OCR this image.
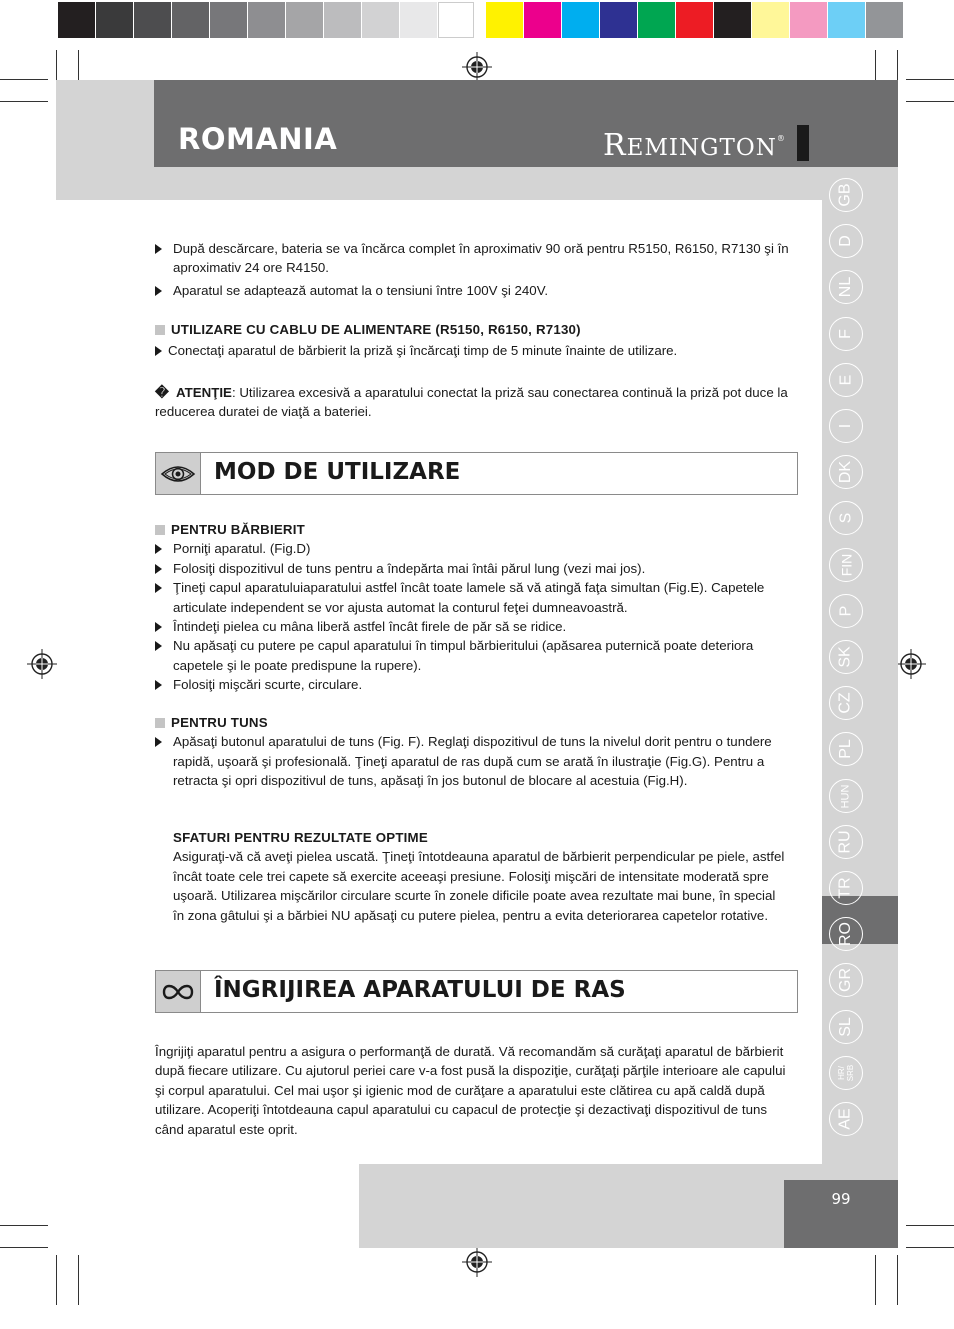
ROMANIA	REMINGTON®
GB
D
NL
F
E
I
DK
S
FIN
P
SK
CZ
PL
HUN
RU
TR
RO
GR
SL
HR/ SRB
AE
99
După descărcare, bateria se va încărca complet în aproximativ 90 oră pentru R5150, R6150, R7130 şi în aproximativ 24 ore R4150.
Aparatul se adaptează automat la o tensiuni între 100V şi 240V.
UTILIZARE CU CABLU DE ALIMENTARE (R5150, R6150, R7130)
Conectaţi aparatul de bărbierit la priză şi încărcaţi timp de 5 minute înainte de utilizare.
� ATENŢIE: Utilizarea excesivă a aparatului conectat la priză sau conectarea continuă la priză pot duce la reducerea duratei de viaţă a bateriei.
MOD DE UTILIZARE
PENTRU BĂRBIERIT
Porniţi aparatul. (Fig.D)
Folosiţi dispozitivul de tuns pentru a îndepărta mai întâi părul lung (vezi mai jos).
Ţineţi capul aparatuluiaparatului astfel încât toate lamele să vă atingă faţa simultan (Fig.E). Capetele articulate independent se vor ajusta automat la conturul feţei dumneavoastră.
Întindeţi pielea cu mâna liberă astfel încât firele de păr să se ridice.
Nu apăsaţi cu putere pe capul aparatului în timpul bărbieritului (apăsarea puternică poate deteriora capetele şi le poate predispune la rupere).
Folosiţi mişcări scurte, circulare.
PENTRU TUNS
Apăsaţi butonul aparatului de tuns (Fig. F). Reglaţi dispozitivul de tuns la nivelul dorit pentru o tundere rapidă, uşoară şi profesională. Ţineţi aparatul de ras după cum se arată în ilustraţie (Fig.G). Pentru a retracta şi opri dispozitivul de tuns, apăsaţi în jos butonul de blocare al acestuia (Fig.H).
SFATURI PENTRU REZULTATE OPTIME
Asiguraţi-vă că aveţi pielea uscată. Ţineţi întotdeauna aparatul de bărbierit perpendicular pe piele, astfel încât toate cele trei capete să exercite aceeaşi presiune. Folosiţi mişcări de intensitate moderată spre uşoară. Utilizarea mişcărilor circulare scurte în zonele dificile poate avea rezultate mai bune, în special în zona gâtului şi a bărbiei NU apăsaţi cu putere pielea, pentru a evita deteriorarea capetelor rotative.
ÎNGRIJIREA APARATULUI DE RAS
Îngrijiţi aparatul pentru a asigura o performanţă de durată. Vă recomandăm să curăţaţi aparatul de bărbierit după fiecare utilizare. Cu ajutorul periei care v-a fost pusă la dispoziţie, curăţaţi părţile interioare ale capului şi corpul aparatului. Cel mai uşor şi igienic mod de curăţare a aparatului este clătirea cu apă caldă după utilizare. Acoperiţi întotdeauna capul aparatului cu capacul de protecţie şi dezactivaţi dispozitivul de tuns când aparatul este oprit.
